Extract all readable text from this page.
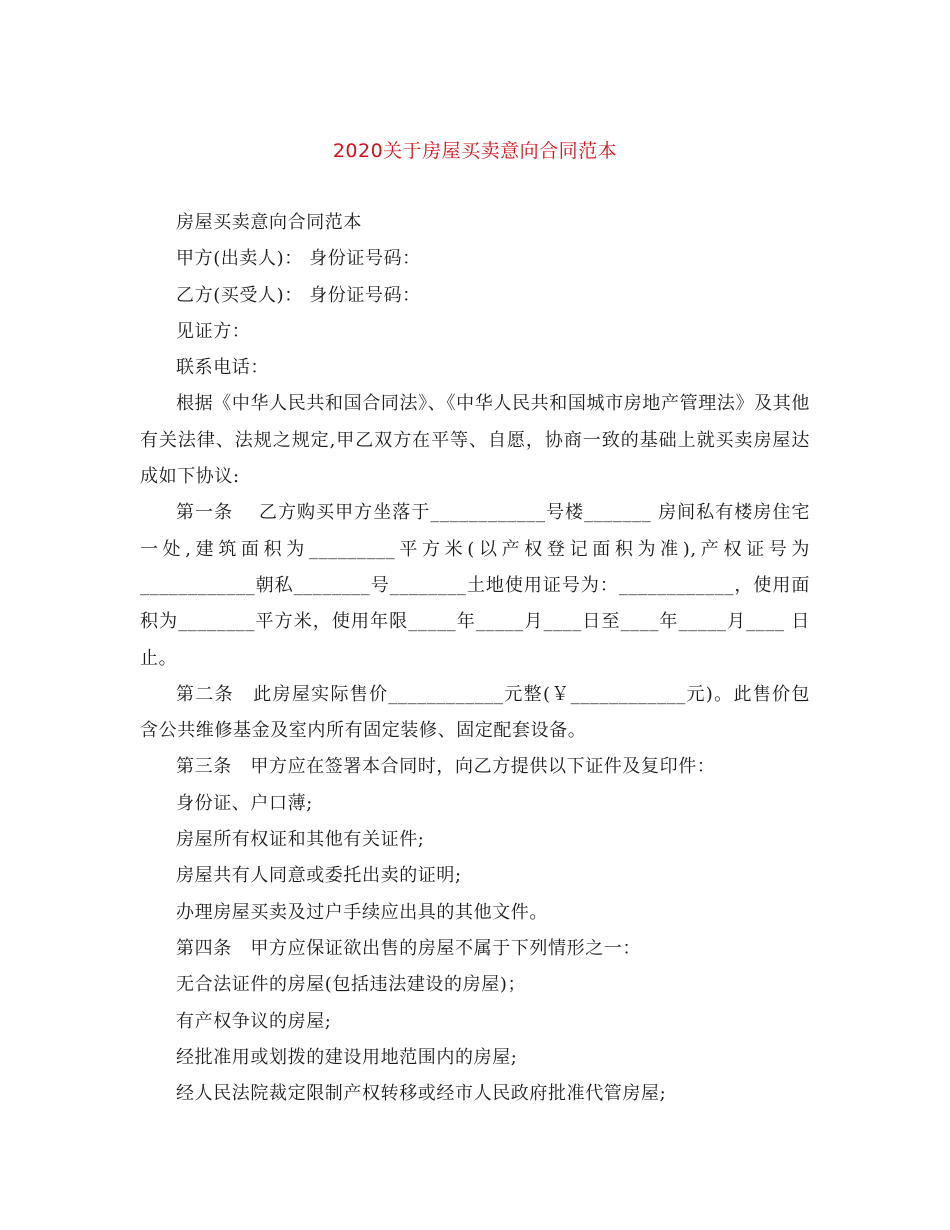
2020关于房屋买卖意向合同范本

房屋买卖意向合同范本

甲方(出卖人)： 身份证号码：

乙方(买受人)： 身份证号码：

见证方：

联系电话：

根据《中华人民共和国合同法》、《中华人民共和国城市房地产管理法》及其他有关法律、法规之规定,甲乙双方在平等、自愿，协商一致的基础上就买卖房屋达成如下协议:

第一条　 乙方购买甲方坐落于____________号楼_______ 房间私有楼房住宅一处,建筑面积为_________平方米(以产权登记面积为准),产权证号为____________朝私________号________土地使用证号为：____________，使用面积为________平方米，使用年限_____年_____月____日至____年_____月____ 日止。

第二条　此房屋实际售价____________元整(￥____________元)。此售价包含公共维修基金及室内所有固定装修、固定配套设备。

第三条　甲方应在签署本合同时，向乙方提供以下证件及复印件：

身份证、户口薄;

房屋所有权证和其他有关证件;

房屋共有人同意或委托出卖的证明;

办理房屋买卖及过户手续应出具的其他文件。

第四条　甲方应保证欲出售的房屋不属于下列情形之一：

无合法证件的房屋(包括违法建设的房屋)；

有产权争议的房屋;

经批准用或划拨的建设用地范围内的房屋;

经人民法院裁定限制产权转移或经市人民政府批准代管房屋;
